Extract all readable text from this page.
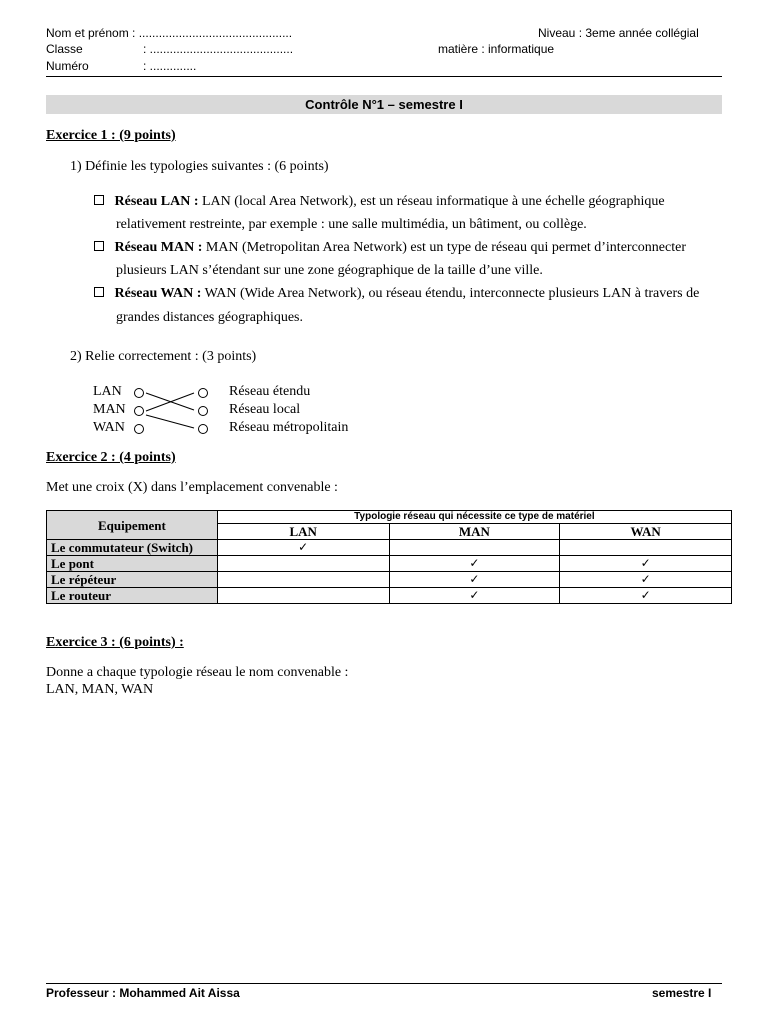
Nom et prénom : ..............................................
Classe	: ...........................................
Numéro	: ..............
Niveau : 3eme année collégial
matière : informatique
Contrôle N°1 – semestre I
Exercice 1 : (9 points)
1) Définie les typologies suivantes : (6 points)
Réseau LAN : LAN (local Area Network), est un réseau informatique à une échelle géographique
relativement restreinte, par exemple : une salle multimédia, un bâtiment, ou collège.
Réseau MAN : MAN (Metropolitan Area Network) est un type de réseau qui permet d’interconnecter
plusieurs LAN s’étendant sur une zone géographique de la taille d’une ville.
Réseau WAN : WAN (Wide Area Network), ou réseau étendu, interconnecte plusieurs LAN à travers de
grandes distances géographiques.
2) Relie correctement : (3 points)
LAN
MAN
WAN
Réseau étendu
Réseau local
Réseau métropolitain
Exercice 2 : (4 points)
Met une croix (X) dans l’emplacement convenable :
Equipement	Typologie réseau qui nécessite ce type de matériel		
	LAN	MAN	WAN
Le commutateur (Switch)	✓		
Le pont		✓	✓
Le répéteur		✓	✓
Le routeur		✓	✓
Exercice 3 : (6 points) :
Donne a chaque typologie réseau le nom convenable :
LAN, MAN, WAN
Professeur : Mohammed Ait Aissa	semestre I
